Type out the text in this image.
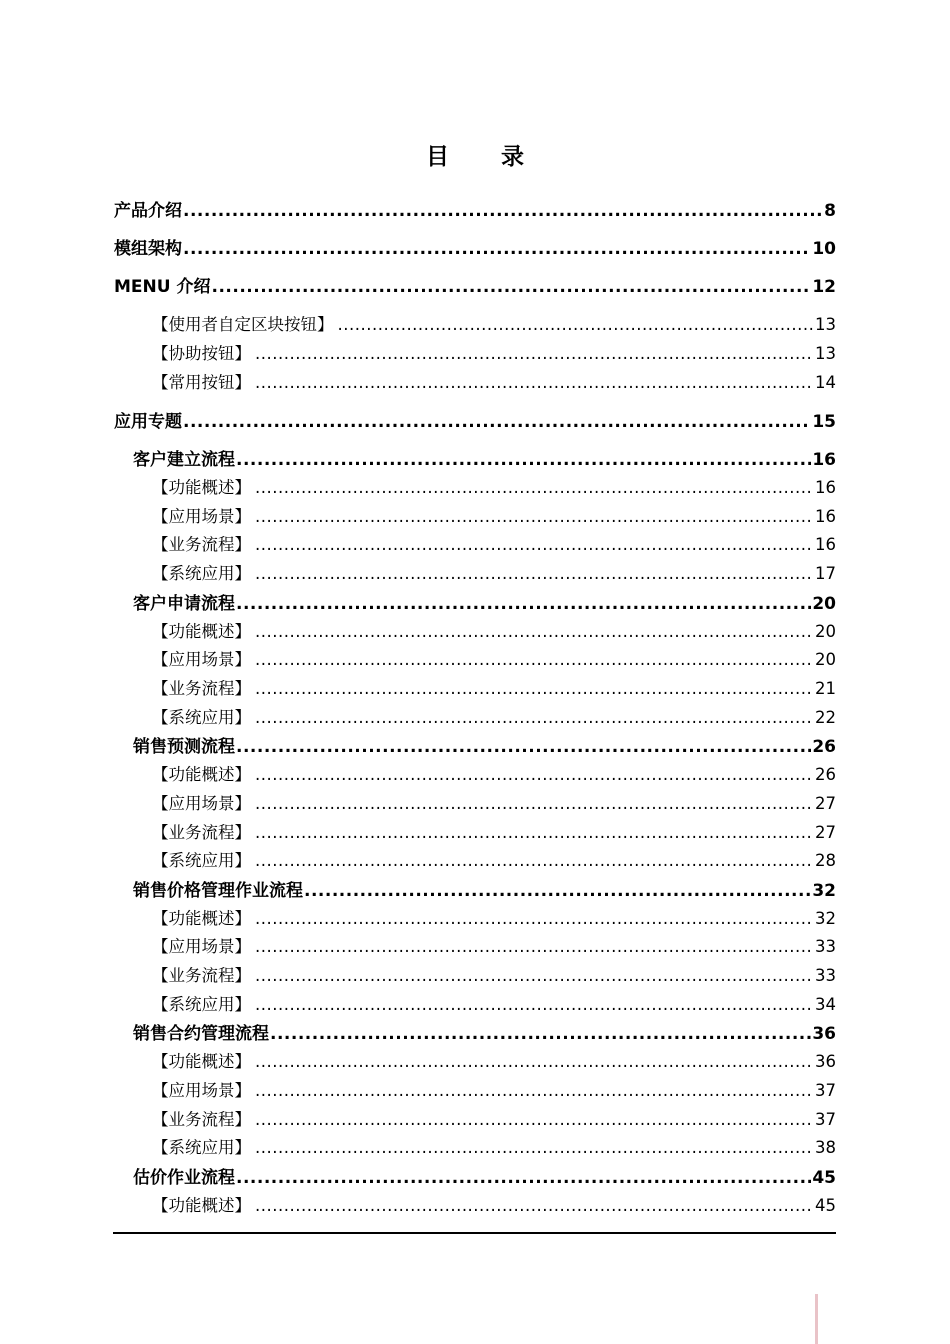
目 录
产品介绍 .....	8
模组架构 .....	10
MENU 介绍 .....	12
【使用者自定区块按钮】 .....	13
【协助按钮】 .....	13
【常用按钮】 .....	14
应用专题 .....	15
客户建立流程 .....	16
【功能概述】 .....	16
【应用场景】 .....	16
【业务流程】 .....	16
【系统应用】 .....	17
客户申请流程 .....	20
【功能概述】 .....	20
【应用场景】 .....	20
【业务流程】 .....	21
【系统应用】 .....	22
销售预测流程 .....	26
【功能概述】 .....	26
【应用场景】 .....	27
【业务流程】 .....	27
【系统应用】 .....	28
销售价格管理作业流程 .....	32
【功能概述】 .....	32
【应用场景】 .....	33
【业务流程】 .....	33
【系统应用】 .....	34
销售合约管理流程 .....	36
【功能概述】 .....	36
【应用场景】 .....	37
【业务流程】 .....	37
【系统应用】 .....	38
估价作业流程 .....	45
【功能概述】 .....	45
